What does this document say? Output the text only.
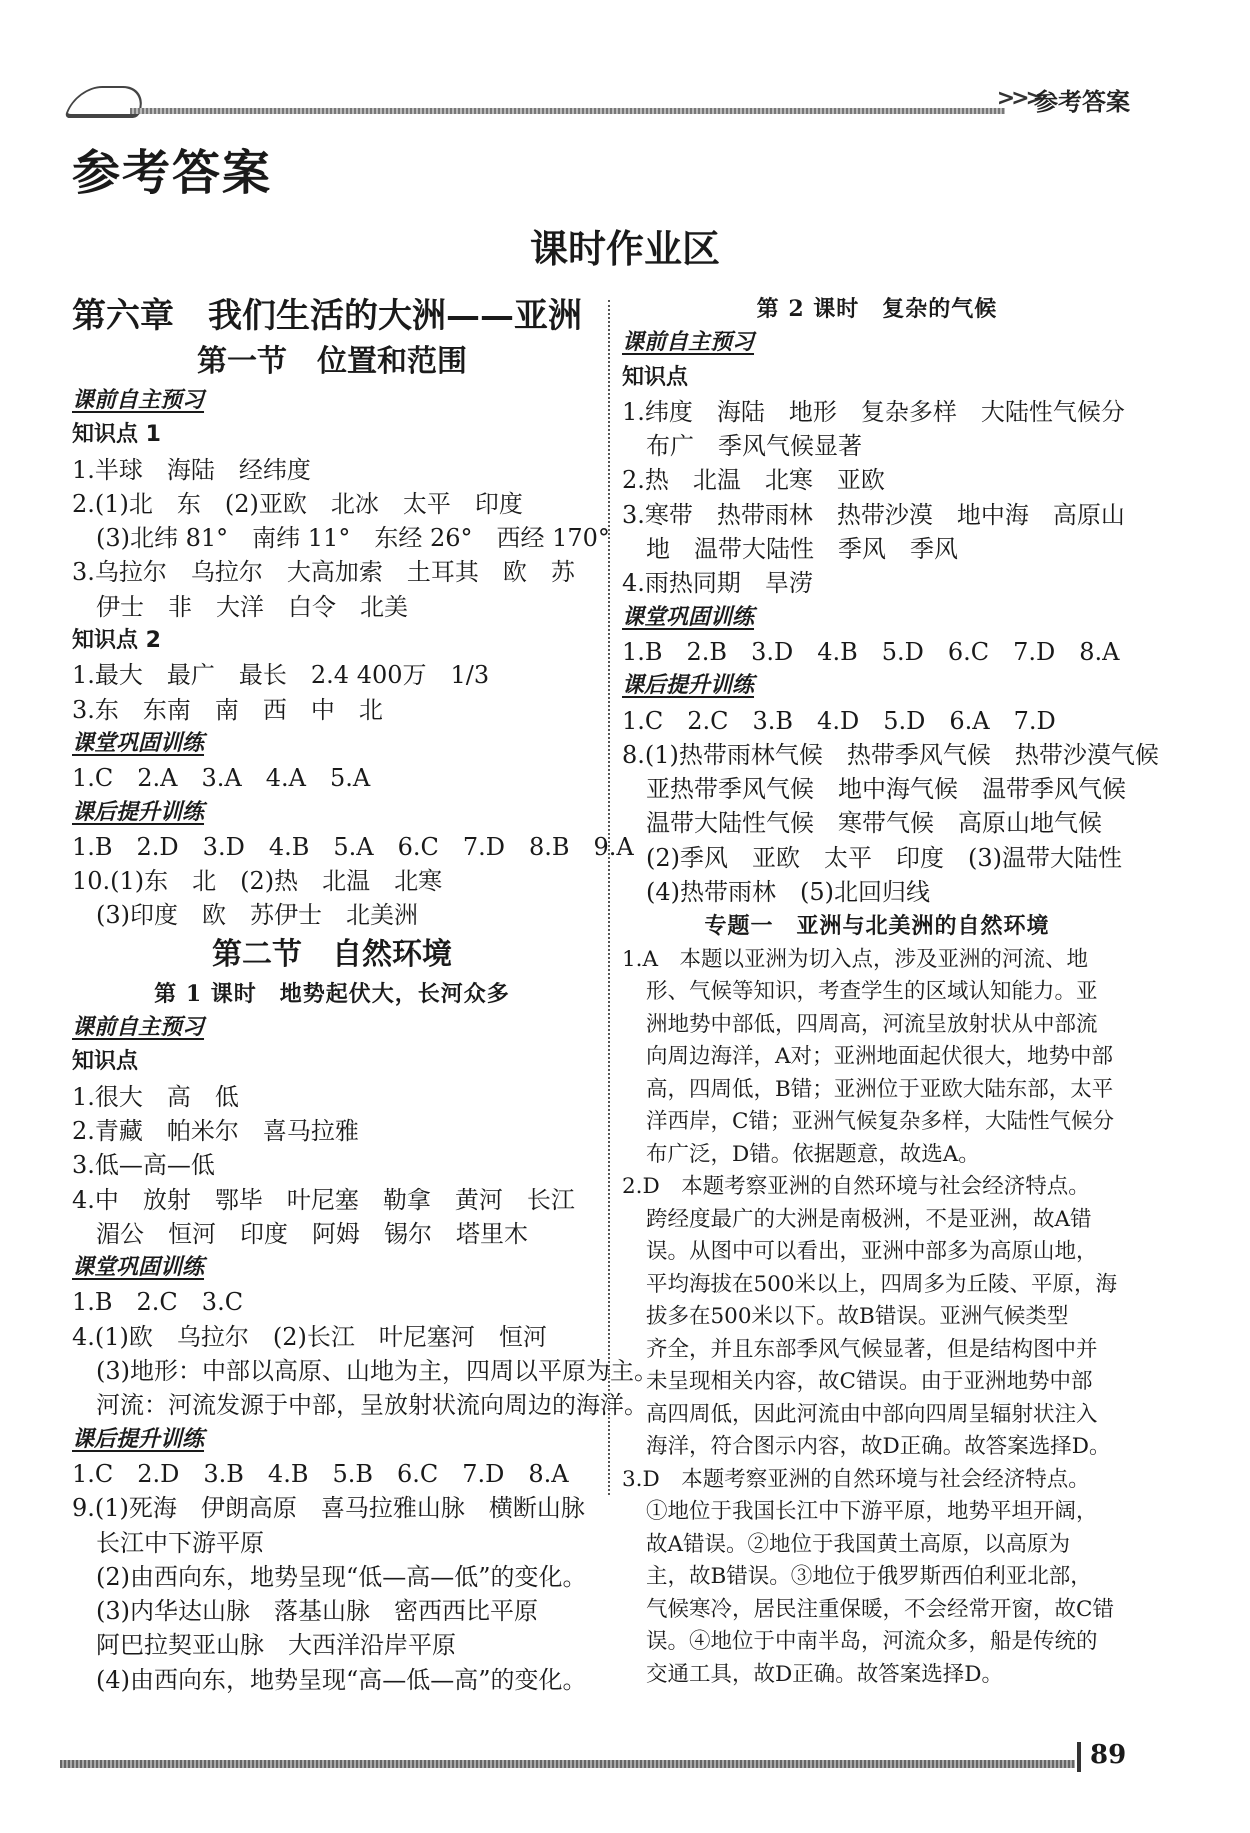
>>>
参考答案
参考答案
课时作业区
第六章　我们生活的大洲——亚洲
第一节　位置和范围
课前自主预习
知识点 1
1.半球　海陆　经纬度
2.(1)北　东　(2)亚欧　北冰　太平　印度
(3)北纬 81°　南纬 11°　东经 26°　西经 170°
3.乌拉尔　乌拉尔　大高加索　土耳其　欧　苏
伊士　非　大洋　白令　北美
知识点 2
1.最大　最广　最长　2.4 400万　1/3
3.东　东南　南　西　中　北
课堂巩固训练
1.C　2.A　3.A　4.A　5.A
课后提升训练
1.B　2.D　3.D　4.B　5.A　6.C　7.D　8.B　9.A
10.(1)东　北　(2)热　北温　北寒
(3)印度　欧　苏伊士　北美洲
第二节　自然环境
第 1 课时　地势起伏大，长河众多
课前自主预习
知识点
1.很大　高　低
2.青藏　帕米尔　喜马拉雅
3.低—高—低
4.中　放射　鄂毕　叶尼塞　勒拿　黄河　长江
湄公　恒河　印度　阿姆　锡尔　塔里木
课堂巩固训练
1.B　2.C　3.C
4.(1)欧　乌拉尔　(2)长江　叶尼塞河　恒河
(3)地形：中部以高原、山地为主，四周以平原为主。
河流：河流发源于中部，呈放射状流向周边的海洋。
课后提升训练
1.C　2.D　3.B　4.B　5.B　6.C　7.D　8.A
9.(1)死海　伊朗高原　喜马拉雅山脉　横断山脉
长江中下游平原
(2)由西向东，地势呈现“低—高—低”的变化。
(3)内华达山脉　落基山脉　密西西比平原
阿巴拉契亚山脉　大西洋沿岸平原
(4)由西向东，地势呈现“高—低—高”的变化。
第 2 课时　复杂的气候
课前自主预习
知识点
1.纬度　海陆　地形　复杂多样　大陆性气候分
布广　季风气候显著
2.热　北温　北寒　亚欧
3.寒带　热带雨林　热带沙漠　地中海　高原山
地　温带大陆性　季风　季风
4.雨热同期　旱涝
课堂巩固训练
1.B　2.B　3.D　4.B　5.D　6.C　7.D　8.A
课后提升训练
1.C　2.C　3.B　4.D　5.D　6.A　7.D
8.(1)热带雨林气候　热带季风气候　热带沙漠气候
亚热带季风气候　地中海气候　温带季风气候
温带大陆性气候　寒带气候　高原山地气候
(2)季风　亚欧　太平　印度　(3)温带大陆性
(4)热带雨林　(5)北回归线
专题一　亚洲与北美洲的自然环境
1.A　本题以亚洲为切入点，涉及亚洲的河流、地
形、气候等知识，考查学生的区域认知能力。亚
洲地势中部低，四周高，河流呈放射状从中部流
向周边海洋，A对；亚洲地面起伏很大，地势中部
高，四周低，B错；亚洲位于亚欧大陆东部，太平
洋西岸，C错；亚洲气候复杂多样，大陆性气候分
布广泛，D错。依据题意，故选A。
2.D　本题考察亚洲的自然环境与社会经济特点。
跨经度最广的大洲是南极洲，不是亚洲，故A错
误。从图中可以看出，亚洲中部多为高原山地，
平均海拔在500米以上，四周多为丘陵、平原，海
拔多在500米以下。故B错误。亚洲气候类型
齐全，并且东部季风气候显著，但是结构图中并
未呈现相关内容，故C错误。由于亚洲地势中部
高四周低，因此河流由中部向四周呈辐射状注入
海洋，符合图示内容，故D正确。故答案选择D。
3.D　本题考察亚洲的自然环境与社会经济特点。
①地位于我国长江中下游平原，地势平坦开阔，
故A错误。②地位于我国黄土高原，以高原为
主，故B错误。③地位于俄罗斯西伯利亚北部，
气候寒冷，居民注重保暖，不会经常开窗，故C错
误。④地位于中南半岛，河流众多，船是传统的
交通工具，故D正确。故答案选择D。
89
